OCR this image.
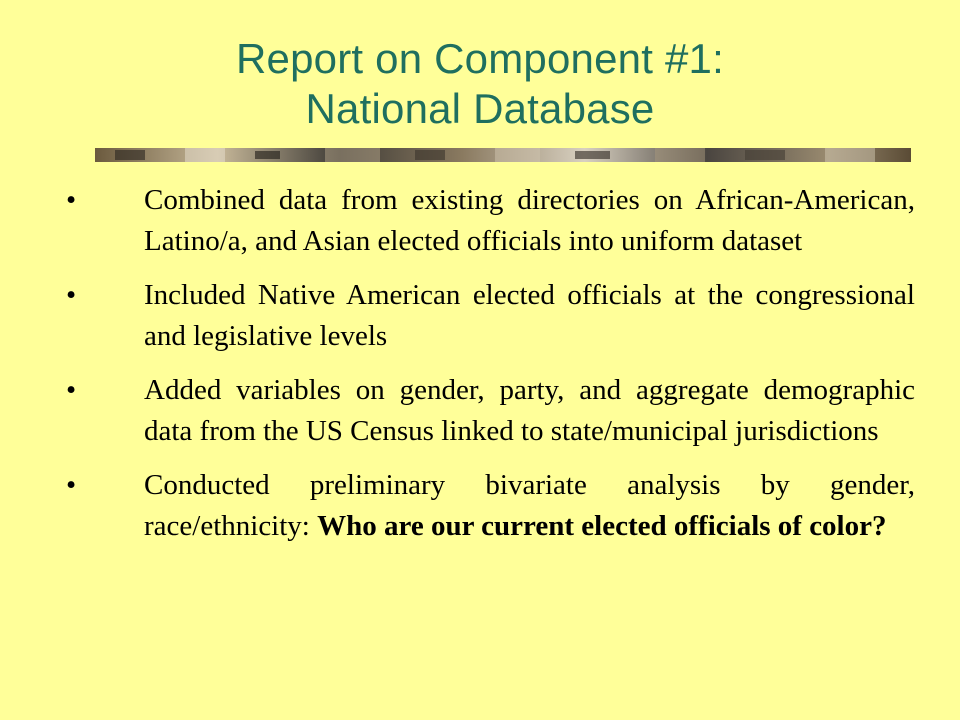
Report on Component #1:
National Database
•	Combined data from existing directories on African-American, Latino/a, and Asian elected officials into uniform dataset
•	Included Native American elected officials at the congressional and legislative levels
•	Added variables on gender, party, and aggregate demographic data from the US Census linked to state/municipal jurisdictions
•	Conducted preliminary bivariate analysis by gender, race/ethnicity: Who are our current elected officials of color?
